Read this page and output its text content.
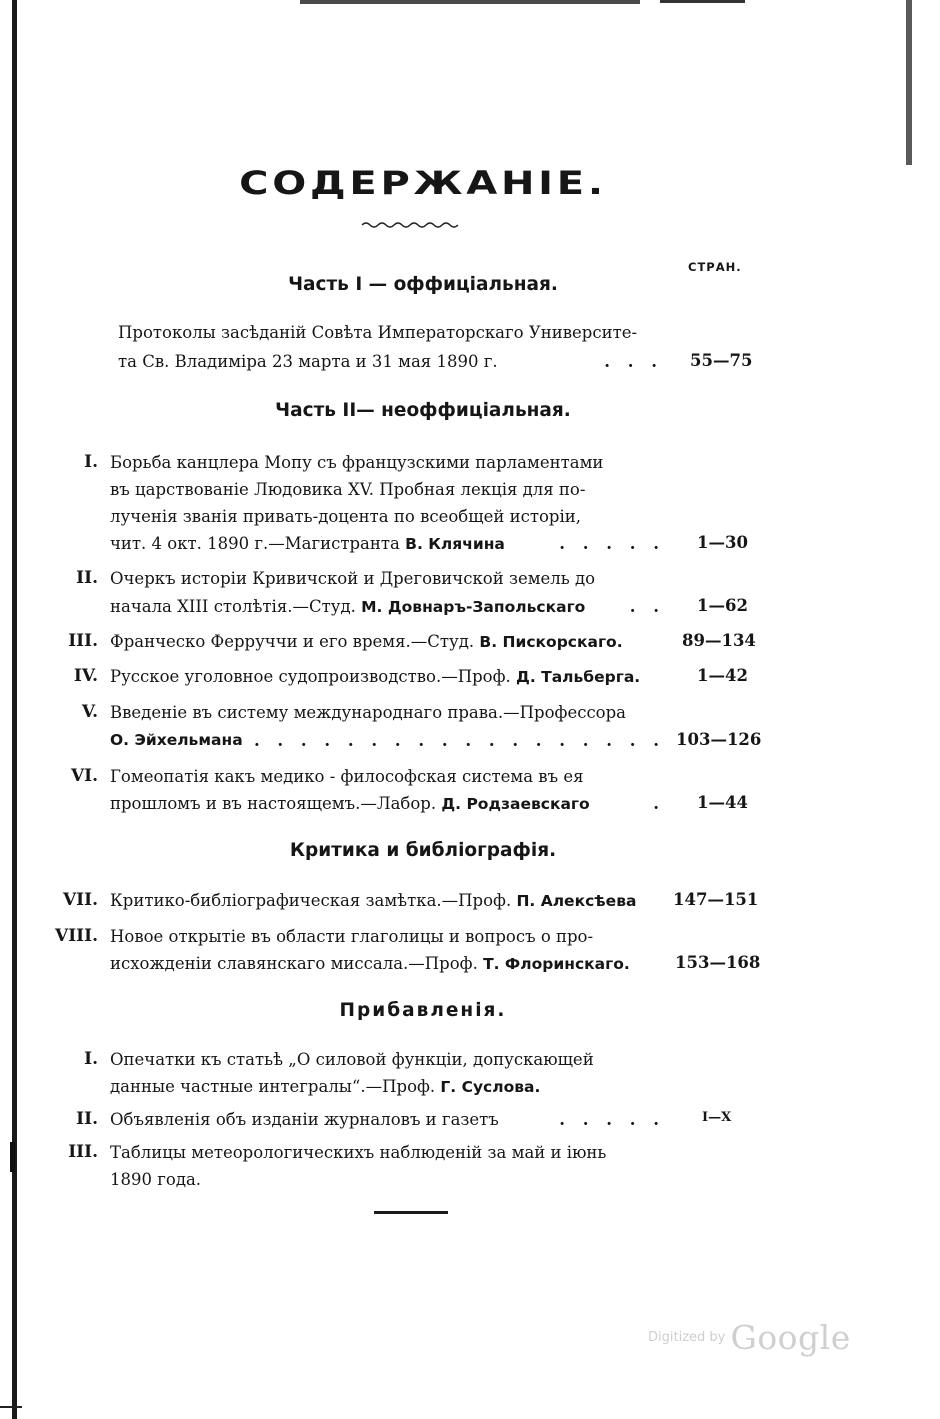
СОДЕРЖАНІЕ.
СТРАН.
Часть I — оффиціальная.
Протоколы засѣданій Совѣта Императорскаго Университе-
та Св. Владиміра 23 марта и 31 мая 1890 г.	. . . 55—75
Часть II— неоффиціальная.
I. Борьба канцлера Мопу съ французскими парламентами
въ царствованіе Людовика XV. Пробная лекція для по-
лученія званія привать-доцента по всеобщей исторіи,
чит. 4 окт. 1890 г.—Магистранта В. Клячина	. . . . . 1—30
II. Очеркъ исторіи Кривичской и Дреговичской земель до
начала XIII столѣтія.—Студ. М. Довнаръ-Запольскаго	. . 1—62
III. Франческо Ферруччи и его время.—Студ. В. Пискорскаго.	89—134
IV. Русское уголовное судопроизводство.—Проф. Д. Тальберга.	1—42
V. Введеніе въ систему международнаго права.—Профессора
О. Эйхельмана . . . . . . . . . . . . . . . . . . 103—126
VI. Гомеопатія какъ медико - философская система въ ея
прошломъ и въ настоящемъ.—Лабор. Д. Родзаевскаго	. 1—44
Критика и библіографія.
VII. Критико-библіографическая замѣтка.—Проф. П. Алексѣева 147—151
VIII. Новое открытіе въ области глаголицы и вопросъ о про-
исхожденіи славянскаго миссала.—Проф. Т. Флоринскаго.	153—168
Прибавленія.
I. Опечатки къ статьѣ „О силовой функціи, допускающей
данные частные интегралы“.—Проф. Г. Суслова.
II. Объявленія объ изданіи журналовъ и газетъ	. . . . .	I—X
III. Таблицы метеорологическихъ наблюденій за май и іюнь
1890 года.
Digitized by Google
